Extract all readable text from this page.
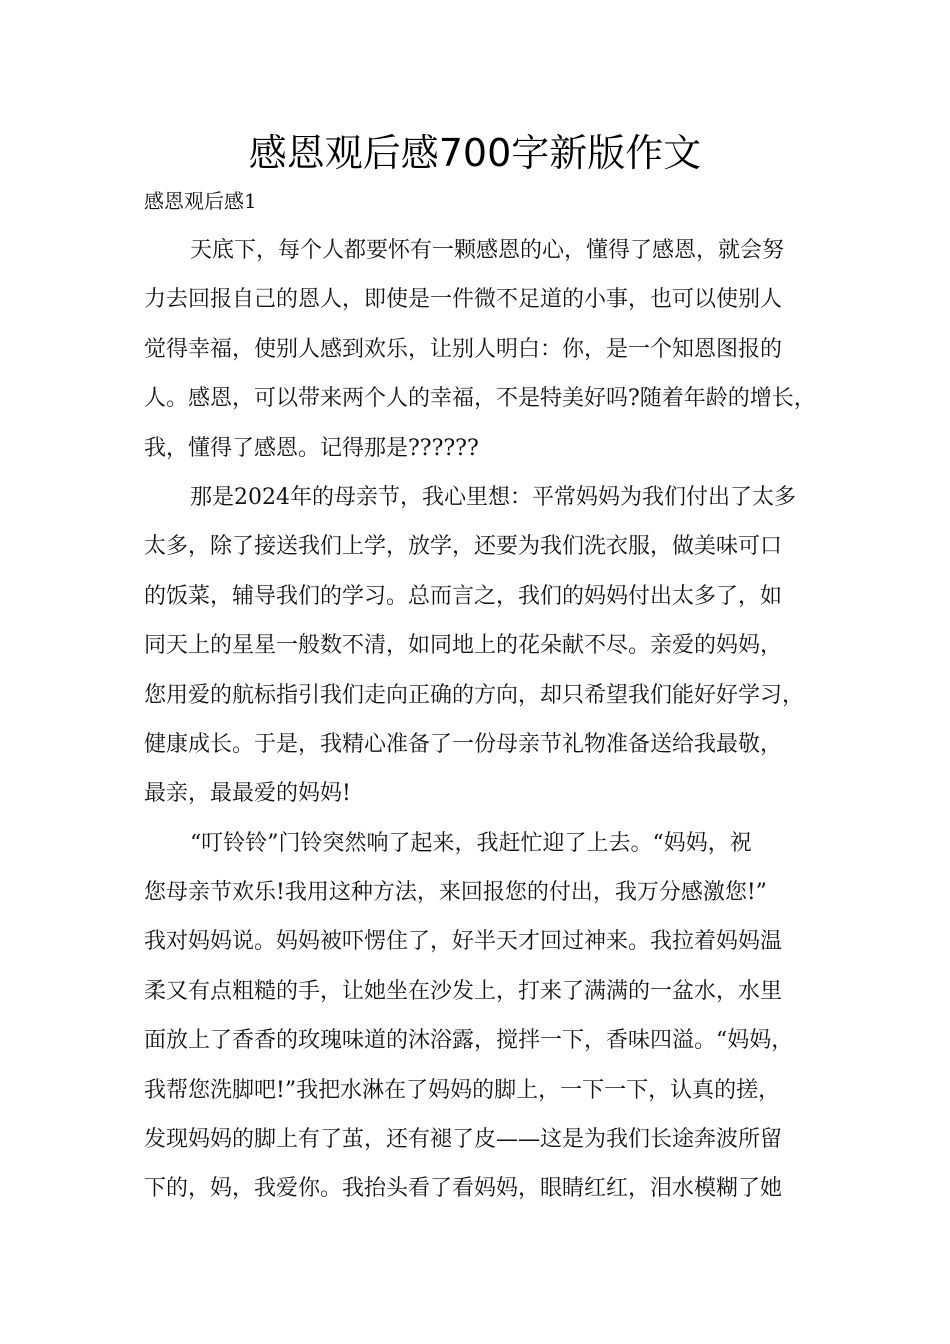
感恩观后感700字新版作文

感恩观后感1

天底下，每个人都要怀有一颗感恩的心，懂得了感恩，就会努
力去回报自己的恩人，即使是一件微不足道的小事，也可以使别人
觉得幸福，使别人感到欢乐，让别人明白：你，是一个知恩图报的
人。感恩，可以带来两个人的幸福，不是特美好吗?随着年龄的增长，
我，懂得了感恩。记得那是??????

那是2024年的母亲节，我心里想：平常妈妈为我们付出了太多
太多，除了接送我们上学，放学，还要为我们洗衣服，做美味可口
的饭菜，辅导我们的学习。总而言之，我们的妈妈付出太多了，如
同天上的星星一般数不清，如同地上的花朵献不尽。亲爱的妈妈，
您用爱的航标指引我们走向正确的方向，却只希望我们能好好学习，
健康成长。于是，我精心准备了一份母亲节礼物准备送给我最敬，
最亲，最最爱的妈妈!

“叮铃铃”门铃突然响了起来，我赶忙迎了上去。“妈妈，祝
您母亲节欢乐!我用这种方法，来回报您的付出，我万分感激您!”
我对妈妈说。妈妈被吓愣住了，好半天才回过神来。我拉着妈妈温
柔又有点粗糙的手，让她坐在沙发上，打来了满满的一盆水，水里
面放上了香香的玫瑰味道的沐浴露，搅拌一下，香味四溢。“妈妈，
我帮您洗脚吧!”我把水淋在了妈妈的脚上，一下一下，认真的搓，
发现妈妈的脚上有了茧，还有褪了皮——这是为我们长途奔波所留
下的，妈，我爱你。我抬头看了看妈妈，眼睛红红，泪水模糊了她
